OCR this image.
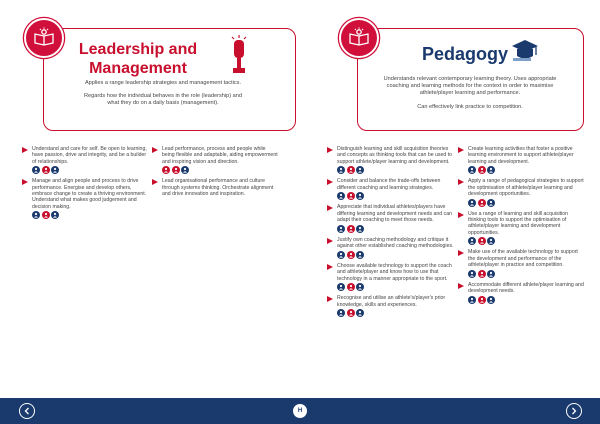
Leadership and
Management

Applies a range leadership strategies and management tactics.

Regards how the individual behaves in the role (leadership) and what they do on a daily basis (management).

Understand and care for self. Be open to learning, have passion, drive and integrity, and be a builder of relationships.
Manage and align people and process to drive performance. Energise and develop others, embrace change to create a thriving environment. Understand what makes good judgement and decision making.
Lead performance, process and people while being flexible and adaptable, aiding empowerment and inspiring vision and direction.
Lead organisational performance and culture through systems thinking. Orchestrate alignment and drive innovation and inspiration.
Pedagogy

Understands relevant contemporary learning theory. Uses appropriate coaching and learning methods for the context in order to maximise athlete/player learning and performance.

Can effectively link practice to competition.

Distinguish learning and skill acquisition theories and concepts as thinking tools that can be used to support athlete/player learning and development.
Consider and balance the trade-offs between different coaching and learning strategies.
Appreciate that individual athletes/players have differing learning and development needs and can adapt their coaching to meet those needs.
Justify own coaching methodology and critique it against other established coaching methodologies.
Choose available technology to support the coach and athlete/player and know how to use that technology in a manner appropriate to the sport.
Recognise and utilise an athlete's/player's prior knowledge, skills and experiences.
Create learning activities that foster a positive learning environment to support athlete/player learning and development.
Apply a range of pedagogical strategies to support the optimisation of athlete/player learning and development opportunities.
Use a range of learning and skill acquisition thinking tools to support the optimisation of athlete/player learning and development opportunities.
Make use of the available technology to support the development and performance of the athlete/player in practice and competition.
Accommodate different athlete/player learning and development needs.
H
